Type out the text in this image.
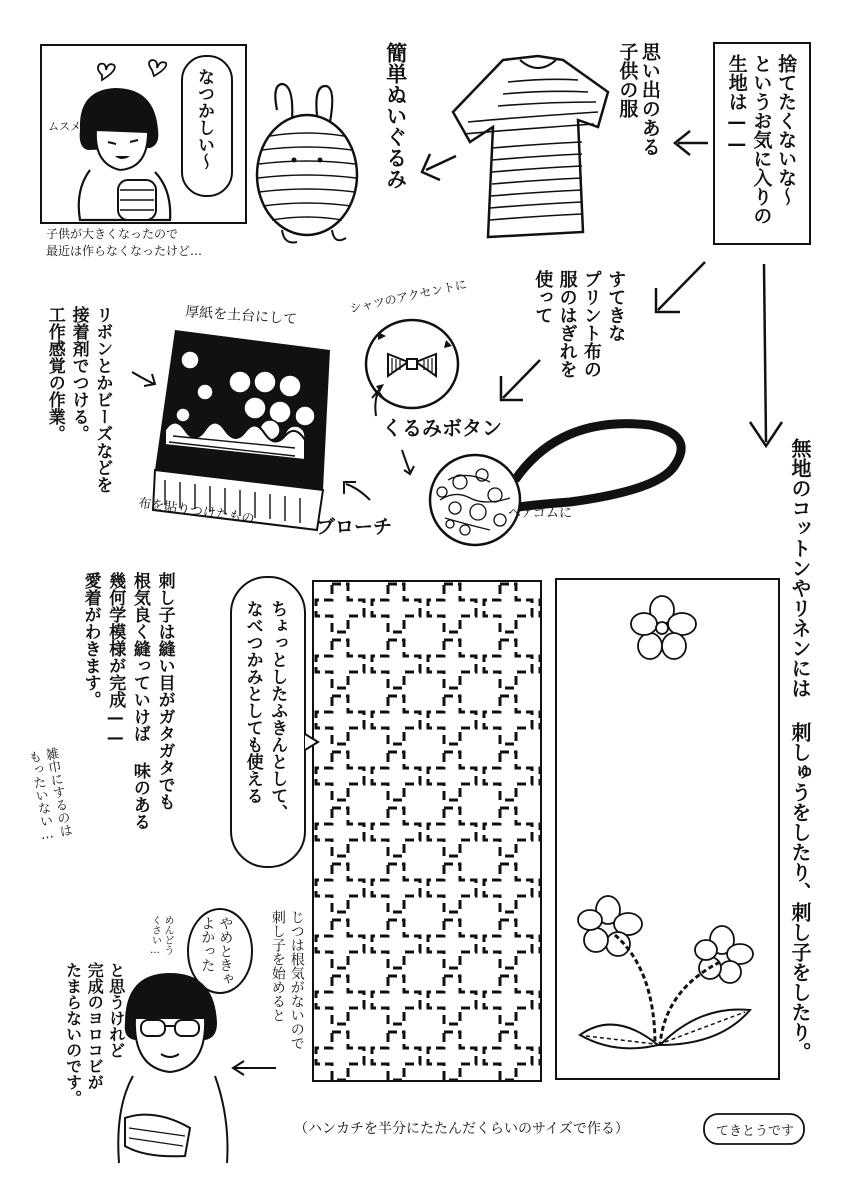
捨てたくないな〜
というお気に入りの
生地は——
思い出のある
子供の服
簡単ぬいぐるみ
ムスメ	なつかしい〜
子供が大きくなったので
最近は作らなくなったけど…
すてきな
プリント布の
服のはぎれを
使って
シャツのアクセントに
くるみボタン
ヘアゴムに
厚紙を土台にして
布を貼りつけたもの	ブローチ
リボンとかビーズなどを
接着剤でつける。
工作感覚の作業。
無地のコットンやリネンには 刺しゅうをしたり、刺し子をしたり。
ちょっとしたふきんとして、
なべつかみとしても使える
刺し子は縫い目がガタガタでも
根気良く縫っていけば 味のある
幾何学模様が完成——
愛着がわきます。
雑巾にするのは
もったいない…
じつは根気がないので
刺し子を始めると
やめときゃ
よかった
めんどう
くさい…
と思うけれど
完成のヨロコビが
たまらないのです。
（ハンカチを半分にたたんだくらいのサイズで作る）	てきとうです
